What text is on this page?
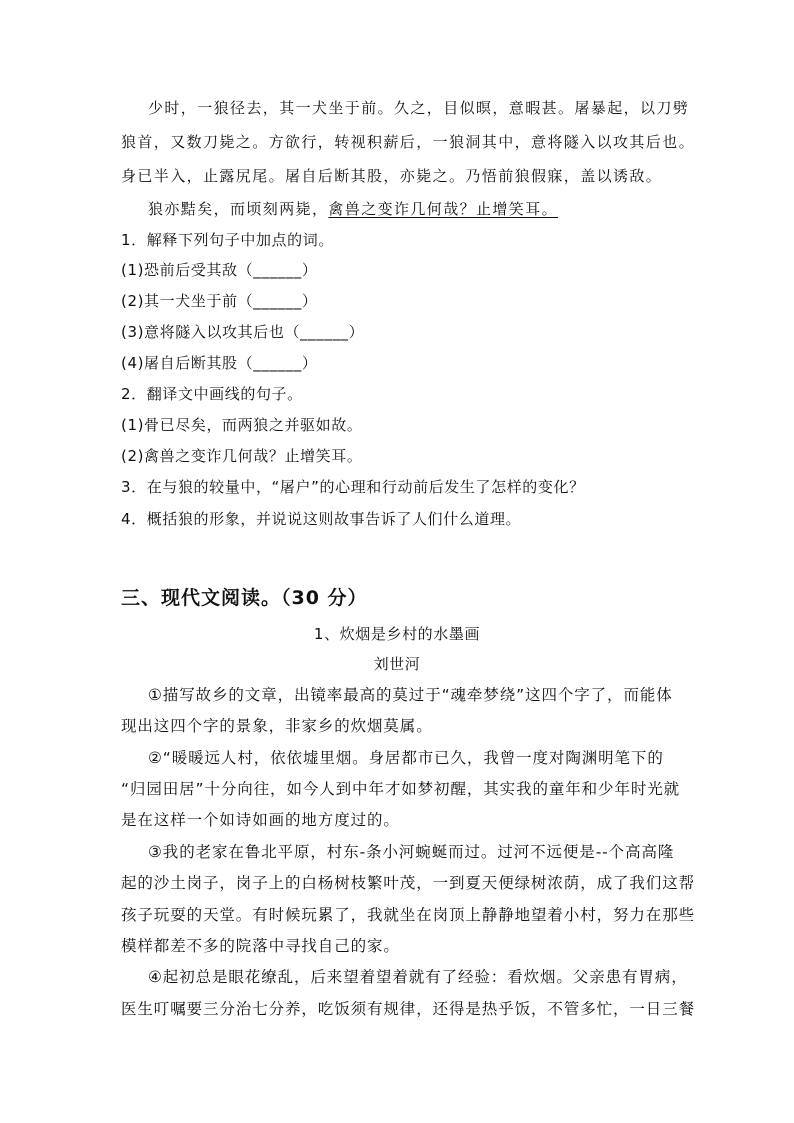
少时，一狼径去，其一犬坐于前。久之，目似暝，意暇甚。屠暴起，以刀劈
狼首，又数刀毙之。方欲行，转视积薪后，一狼洞其中，意将隧入以攻其后也。
身已半入，止露尻尾。屠自后断其股，亦毙之。乃悟前狼假寐，盖以诱敌。
狼亦黠矣，而顷刻两毙，禽兽之变诈几何哉？止增笑耳。
1．解释下列句子中加点的词。
(1)恐前后受其敌（______）
(2)其一犬坐于前（______）
(3)意将隧入以攻其后也（______）
(4)屠自后断其股（______）
2．翻译文中画线的句子。
(1)骨已尽矣，而两狼之并驱如故。
(2)禽兽之变诈几何哉？止增笑耳。
3．在与狼的较量中，“屠户”的心理和行动前后发生了怎样的变化？
4．概括狼的形象，并说说这则故事告诉了人们什么道理。
三、现代文阅读。（30 分）
1、炊烟是乡村的水墨画
刘世河
①描写故乡的文章，出镜率最高的莫过于“魂牵梦绕”这四个字了，而能体
现出这四个字的景象，非家乡的炊烟莫属。
②“暖暖远人村，依依墟里烟。身居都市已久，我曾一度对陶渊明笔下的
“归园田居”十分向往，如今人到中年才如梦初醒，其实我的童年和少年时光就
是在这样一个如诗如画的地方度过的。
③我的老家在鲁北平原，村东-条小河蜿蜒而过。过河不远便是--个高高隆
起的沙土岗子，岗子上的白杨树枝繁叶茂，一到夏天便绿树浓荫，成了我们这帮
孩子玩耍的天堂。有时候玩累了，我就坐在岗顶上静静地望着小村，努力在那些
模样都差不多的院落中寻找自己的家。
④起初总是眼花缭乱，后来望着望着就有了经验：看炊烟。父亲患有胃病，
医生叮嘱要三分治七分养，吃饭须有规律，还得是热乎饭，不管多忙，一日三餐
